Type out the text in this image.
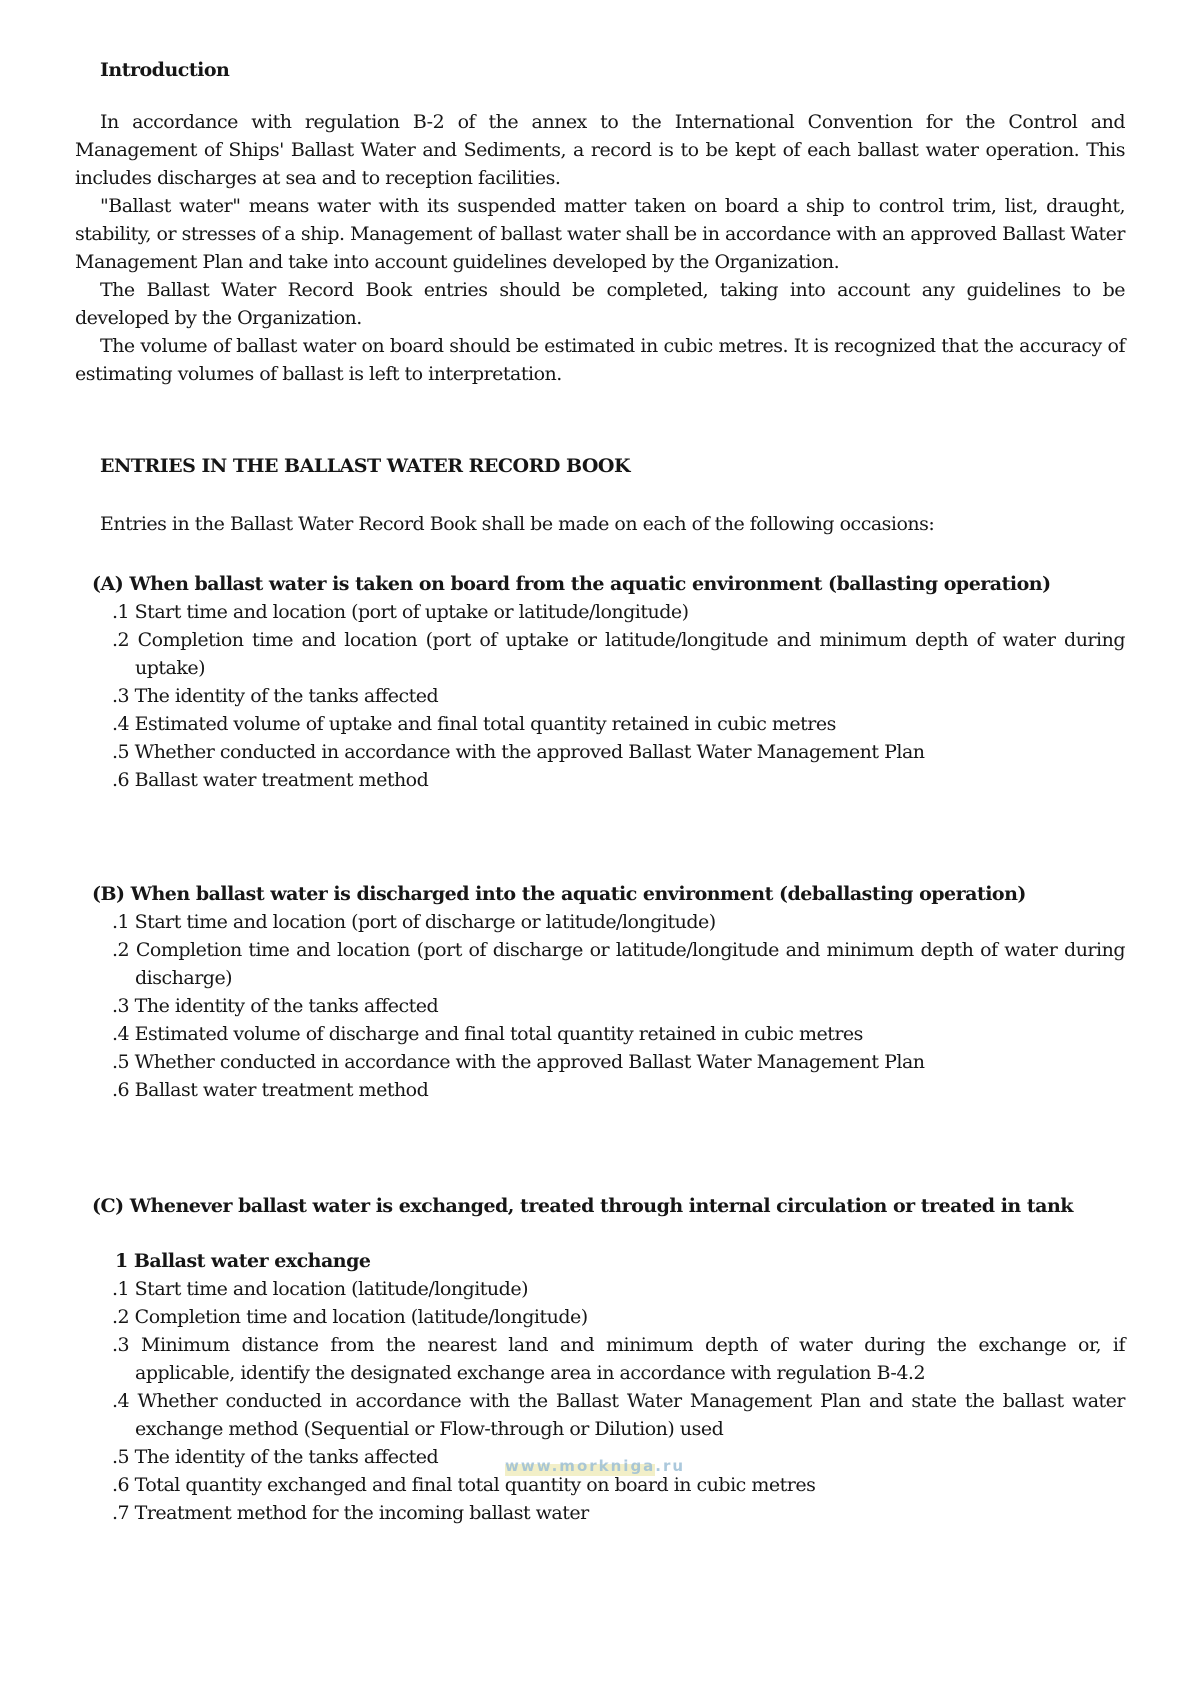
www.morkniga.ru

Introduction

In accordance with regulation B-2 of the annex to the International Convention for the Control and Management of Ships' Ballast Water and Sediments, a record is to be kept of each ballast water operation. This includes discharges at sea and to reception facilities.

"Ballast water" means water with its suspended matter taken on board a ship to control trim, list, draught, stability, or stresses of a ship. Management of ballast water shall be in accordance with an approved Ballast Water Management Plan and take into account guidelines developed by the Organization.

The Ballast Water Record Book entries should be completed, taking into account any guidelines to be developed by the Organization.

The volume of ballast water on board should be estimated in cubic metres. It is recognized that the accuracy of estimating volumes of ballast is left to interpretation.

ENTRIES IN THE BALLAST WATER RECORD BOOK

Entries in the Ballast Water Record Book shall be made on each of the following occasions:

(A) When ballast water is taken on board from the aquatic environment (ballasting operation)

.1 Start time and location (port of uptake or latitude/longitude)

.2 Completion time and location (port of uptake or latitude/longitude and minimum depth of water during uptake)

.3 The identity of the tanks affected

.4 Estimated volume of uptake and final total quantity retained in cubic metres

.5 Whether conducted in accordance with the approved Ballast Water Management Plan

.6 Ballast water treatment method

(B) When ballast water is discharged into the aquatic environment (deballasting operation)

.1 Start time and location (port of discharge or latitude/longitude)

.2 Completion time and location (port of discharge or latitude/longitude and minimum depth of water during discharge)

.3 The identity of the tanks affected

.4 Estimated volume of discharge and final total quantity retained in cubic metres

.5 Whether conducted in accordance with the approved Ballast Water Management Plan

.6 Ballast water treatment method

(C) Whenever ballast water is exchanged, treated through internal circulation or treated in tank

1 Ballast water exchange

.1 Start time and location (latitude/longitude)

.2 Completion time and location (latitude/longitude)

.3 Minimum distance from the nearest land and minimum depth of water during the exchange or, if applicable, identify the designated exchange area in accordance with regulation B-4.2

.4 Whether conducted in accordance with the Ballast Water Management Plan and state the ballast water exchange method (Sequential or Flow-through or Dilution) used

.5 The identity of the tanks affected

.6 Total quantity exchanged and final total quantity on board in cubic metres

.7 Treatment method for the incoming ballast water
